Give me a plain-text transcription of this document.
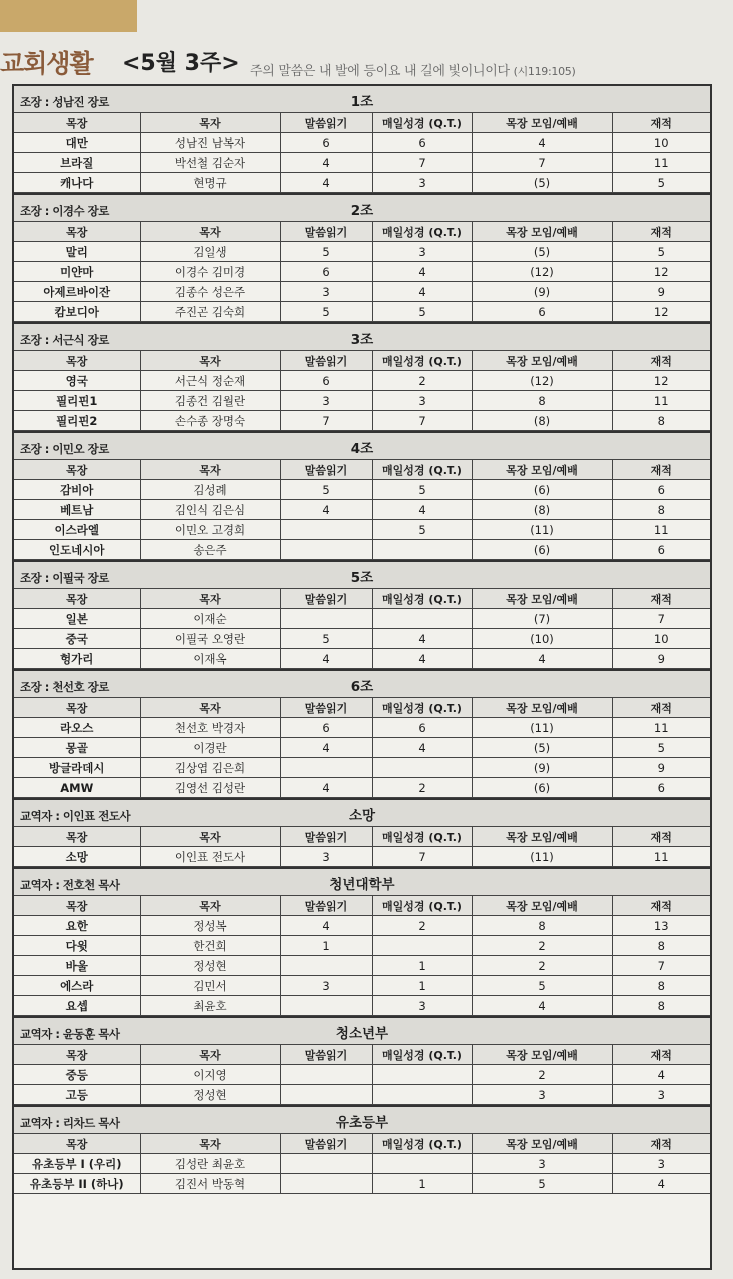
교회생활 <5월 3주> 주의 말씀은 내 발에 등이요 내 길에 빛이니이다 (시119:105)
1조
조장 : 성남진 장로
목장	목자	말씀읽기	매일성경 (Q.T.)	목장 모임/예배	재적
대만	성남진 남복자	6	6	4	10
브라질	박선철 김순자	4	7	7	11
캐나다	현명규	4	3	(5)	5
2조
조장 : 이경수 장로
목장	목자	말씀읽기	매일성경 (Q.T.)	목장 모임/예배	재적
말리	김일생	5	3	(5)	5
미얀마	이경수 김미경	6	4	(12)	12
아제르바이잔	김종수 성은주	3	4	(9)	9
캄보디아	주진곤 김숙희	5	5	6	12
3조
조장 : 서근식 장로
목장	목자	말씀읽기	매일성경 (Q.T.)	목장 모임/예배	재적
영국	서근식 정순재	6	2	(12)	12
필리핀1	김종건 김월란	3	3	8	11
필리핀2	손수종 장명숙	7	7	(8)	8
4조
조장 : 이민오 장로
목장	목자	말씀읽기	매일성경 (Q.T.)	목장 모임/예배	재적
감비아	김성례	5	5	(6)	6
베트남	김인식 김은심	4	4	(8)	8
이스라엘	이민오 고경희		5	(11)	11
인도네시아	송은주			(6)	6
5조
조장 : 이필국 장로
목장	목자	말씀읽기	매일성경 (Q.T.)	목장 모임/예배	재적
일본	이재순			(7)	7
중국	이필국 오영란	5	4	(10)	10
헝가리	이재옥	4	4	4	9
6조
조장 : 천선호 장로
목장	목자	말씀읽기	매일성경 (Q.T.)	목장 모임/예배	재적
라오스	천선호 박경자	6	6	(11)	11
몽골	이경란	4	4	(5)	5
방글라데시	김상엽 김은희			(9)	9
AMW	김영선 김성란	4	2	(6)	6
소망
교역자 : 이인표 전도사
목장	목자	말씀읽기	매일성경 (Q.T.)	목장 모임/예배	재적
소망	이인표 전도사	3	7	(11)	11
청년대학부
교역자 : 전호천 목사
목장	목자	말씀읽기	매일성경 (Q.T.)	목장 모임/예배	재적
요한	정성복	4	2	8	13
다윗	한건희	1		2	8
바울	정성현		1	2	7
에스라	김민서	3	1	5	8
요셉	최윤호		3	4	8
청소년부
교역자 : 윤동훈 목사
목장	목자	말씀읽기	매일성경 (Q.T.)	목장 모임/예배	재적
중등	이지영			2	4
고등	정성현			3	3
유초등부
교역자 : 리차드 목사
목장	목자	말씀읽기	매일성경 (Q.T.)	목장 모임/예배	재적
유초등부 I (우리)	김성란 최윤호			3	3
유초등부 II (하나)	김진서 박동혁		1	5	4
